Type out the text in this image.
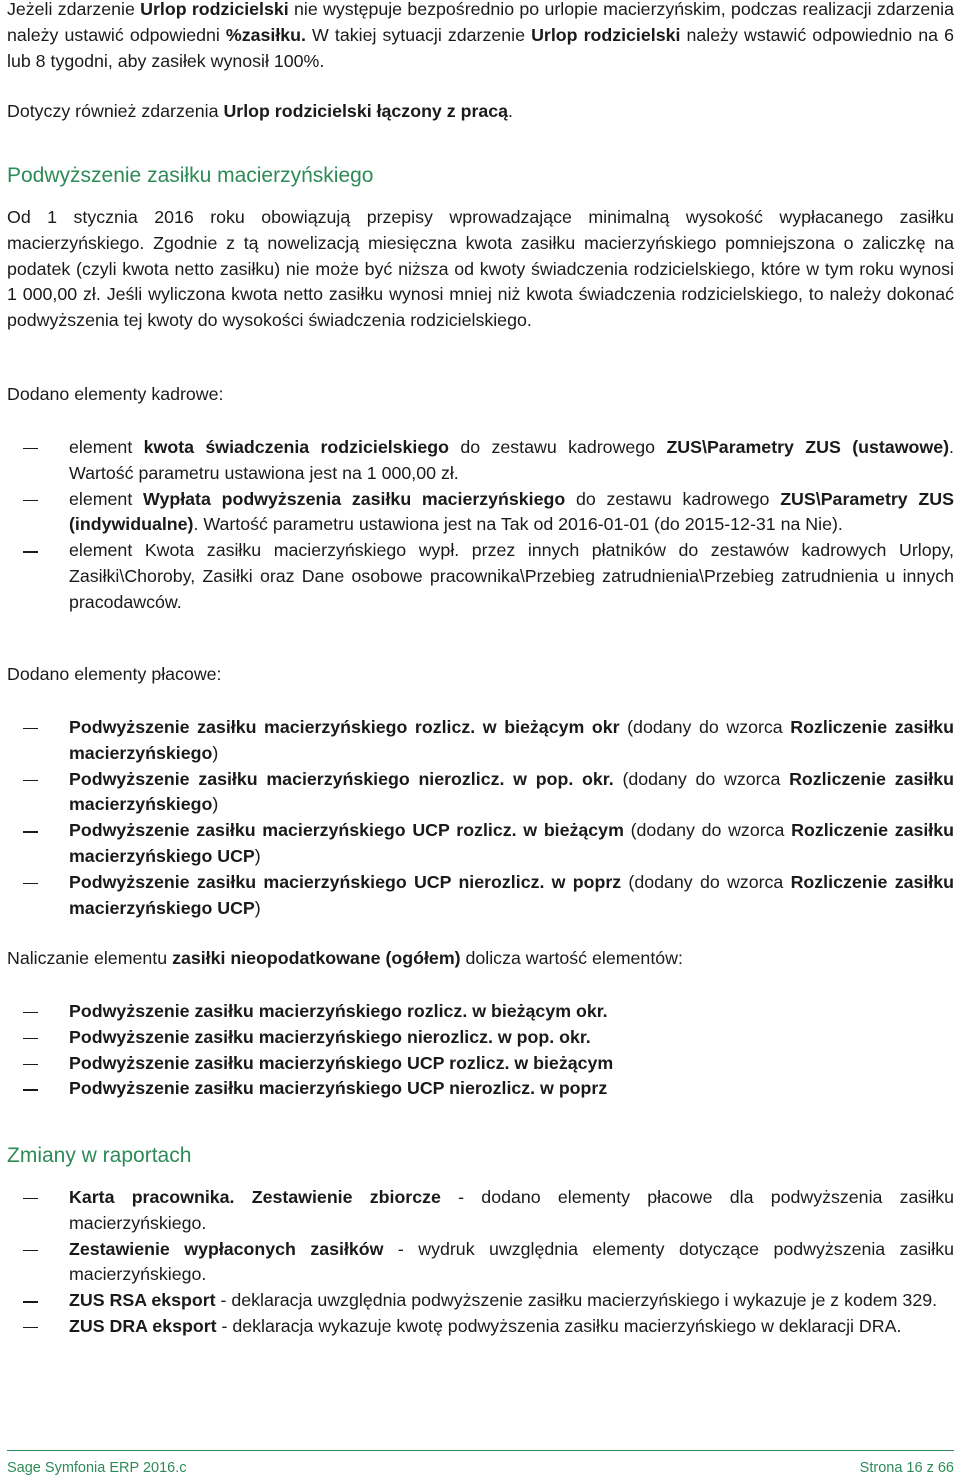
Jeżeli zdarzenie Urlop rodzicielski nie występuje bezpośrednio po urlopie macierzyńskim, podczas realizacji zdarzenia należy ustawić odpowiedni %zasiłku. W takiej sytuacji zdarzenie Urlop rodzicielski należy wstawić odpowiednio na 6 lub 8 tygodni, aby zasiłek wynosił 100%.

Dotyczy również zdarzenia Urlop rodzicielski łączony z pracą.

Podwyższenie zasiłku macierzyńskiego

Od 1 stycznia 2016 roku obowiązują przepisy wprowadzające minimalną wysokość wypłacanego zasiłku macierzyńskiego. Zgodnie z tą nowelizacją miesięczna kwota zasiłku macierzyńskiego pomniejszona o zaliczkę na podatek (czyli kwota netto zasiłku) nie może być niższa od kwoty świadczenia rodzicielskiego, które w tym roku wynosi 1 000,00 zł. Jeśli wyliczona kwota netto zasiłku wynosi mniej niż kwota świadczenia rodzicielskiego, to należy dokonać podwyższenia tej kwoty do wysokości świadczenia rodzicielskiego.

Dodano elementy kadrowe:

element kwota świadczenia rodzicielskiego do zestawu kadrowego ZUS\Parametry ZUS (ustawowe). Wartość parametru ustawiona jest na 1 000,00 zł.
element Wypłata podwyższenia zasiłku macierzyńskiego do zestawu kadrowego ZUS\Parametry ZUS (indywidualne). Wartość parametru ustawiona jest na Tak od 2016-01-01 (do 2015-12-31 na Nie).
element Kwota zasiłku macierzyńskiego wypł. przez innych płatników do zestawów kadrowych Urlopy, Zasiłki\Choroby, Zasiłki oraz Dane osobowe pracownika\Przebieg zatrudnienia\Przebieg zatrudnienia u innych pracodawców.

Dodano elementy płacowe:

Podwyższenie zasiłku macierzyńskiego rozlicz. w bieżącym okr (dodany do wzorca Rozliczenie zasiłku macierzyńskiego)
Podwyższenie zasiłku macierzyńskiego nierozlicz. w pop. okr. (dodany do wzorca Rozliczenie zasiłku macierzyńskiego)
Podwyższenie zasiłku macierzyńskiego UCP rozlicz. w bieżącym (dodany do wzorca Rozliczenie zasiłku macierzyńskiego UCP)
Podwyższenie zasiłku macierzyńskiego UCP nierozlicz. w poprz (dodany do wzorca Rozliczenie zasiłku macierzyńskiego UCP)

Naliczanie elementu zasiłki nieopodatkowane (ogółem) dolicza wartość elementów:

Podwyższenie zasiłku macierzyńskiego rozlicz. w bieżącym okr.
Podwyższenie zasiłku macierzyńskiego nierozlicz. w pop. okr.
Podwyższenie zasiłku macierzyńskiego UCP rozlicz. w bieżącym
Podwyższenie zasiłku macierzyńskiego UCP nierozlicz. w poprz
Zmiany w raportach
Karta pracownika. Zestawienie zbiorcze - dodano elementy płacowe dla podwyższenia zasiłku macierzyńskiego.
Zestawienie wypłaconych zasiłków - wydruk uwzględnia elementy dotyczące podwyższenia zasiłku macierzyńskiego.
ZUS RSA eksport - deklaracja uwzględnia podwyższenie zasiłku macierzyńskiego i wykazuje je z kodem 329.
ZUS DRA eksport - deklaracja wykazuje kwotę podwyższenia zasiłku macierzyńskiego w deklaracji DRA.
Sage Symfonia ERP 2016.c	Strona 16 z 66
